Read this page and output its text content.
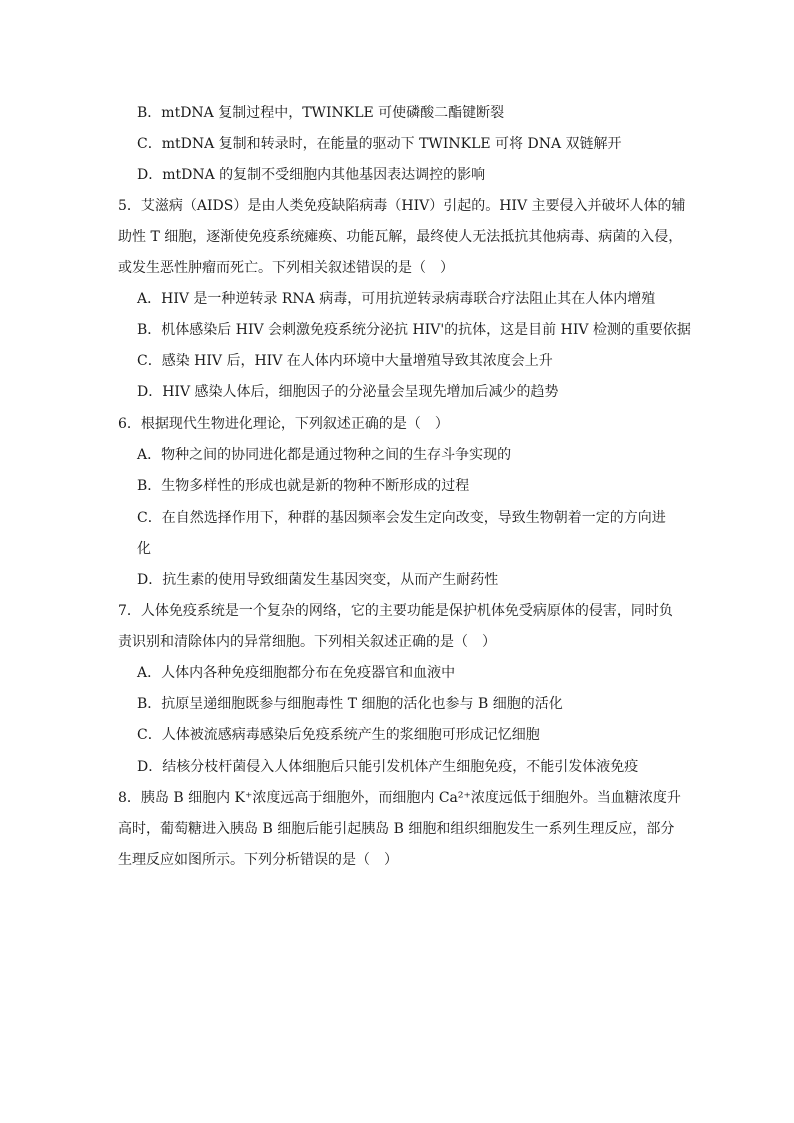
B．mtDNA 复制过程中，TWINKLE 可使磷酸二酯键断裂
C．mtDNA 复制和转录时，在能量的驱动下 TWINKLE 可将 DNA 双链解开
D．mtDNA 的复制不受细胞内其他基因表达调控的影响
5．艾滋病（AIDS）是由人类免疫缺陷病毒（HIV）引起的。HIV 主要侵入并破坏人体的辅
助性 T 细胞，逐渐使免疫系统瘫痪、功能瓦解，最终使人无法抵抗其他病毒、病菌的入侵，
或发生恶性肿瘤而死亡。下列相关叙述错误的是（　）
A．HIV 是一种逆转录 RNA 病毒，可用抗逆转录病毒联合疗法阻止其在人体内增殖
B．机体感染后 HIV 会刺激免疫系统分泌抗 HIV'的抗体，这是目前 HIV 检测的重要依据
C．感染 HIV 后，HIV 在人体内环境中大量增殖导致其浓度会上升
D．HIV 感染人体后，细胞因子的分泌量会呈现先增加后减少的趋势
6．根据现代生物进化理论，下列叙述正确的是（　）
A．物种之间的协同进化都是通过物种之间的生存斗争实现的
B．生物多样性的形成也就是新的物种不断形成的过程
C．在自然选择作用下，种群的基因频率会发生定向改变，导致生物朝着一定的方向进
化
D．抗生素的使用导致细菌发生基因突变，从而产生耐药性
7．人体免疫系统是一个复杂的网络，它的主要功能是保护机体免受病原体的侵害，同时负
责识别和清除体内的异常细胞。下列相关叙述正确的是（　）
A．人体内各种免疫细胞都分布在免疫器官和血液中
B．抗原呈递细胞既参与细胞毒性 T 细胞的活化也参与 B 细胞的活化
C．人体被流感病毒感染后免疫系统产生的浆细胞可形成记忆细胞
D．结核分枝杆菌侵入人体细胞后只能引发机体产生细胞免疫，不能引发体液免疫
8．胰岛 B 细胞内 K⁺浓度远高于细胞外，而细胞内 Ca²⁺浓度远低于细胞外。当血糖浓度升
高时，葡萄糖进入胰岛 B 细胞后能引起胰岛 B 细胞和组织细胞发生一系列生理反应，部分
生理反应如图所示。下列分析错误的是（　）
